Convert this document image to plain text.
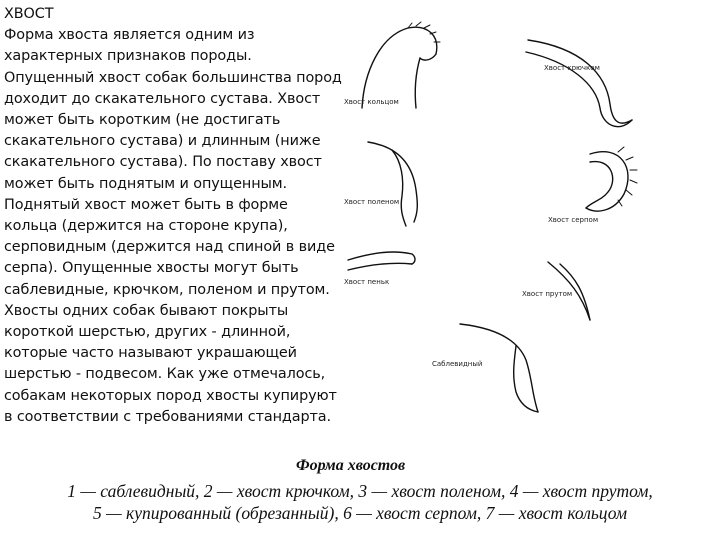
ХВОСТ

Форма хвоста является одним из характерных признаков породы. Опущенный хвост собак большинства пород доходит до скакательного сустава. Хвост может быть коротким (не достигать скакательного сустава) и длинным (ниже скакательного сустава). По поставу хвост может быть поднятым и опущенным. Поднятый хвост может быть в форме кольца (держится на стороне крупа), серповидным (держится над спиной в виде серпа). Опущенные хвосты могут быть саблевидные, крючком, поленом и прутом.

Хвосты одних собак бывают покрыты короткой шерстью, других - длинной, которые часто называют украшающей шерстью - подвесом. Как уже отмечалось, собакам некоторых пород хвосты купируют в соответствии с требованиями стандарта.

Хвост крючком
Хвост кольцом
Хвост поленом
Хвост серпом
Хвост пеньк
Хвост прутом
Саблевидный
Форма хвостов
1 — саблевидный, 2 — хвост крючком, 3 — хвост поленом, 4 — хвост прутом,
5 — купированный (обрезанный), 6 — хвост серпом, 7 — хвост кольцом
